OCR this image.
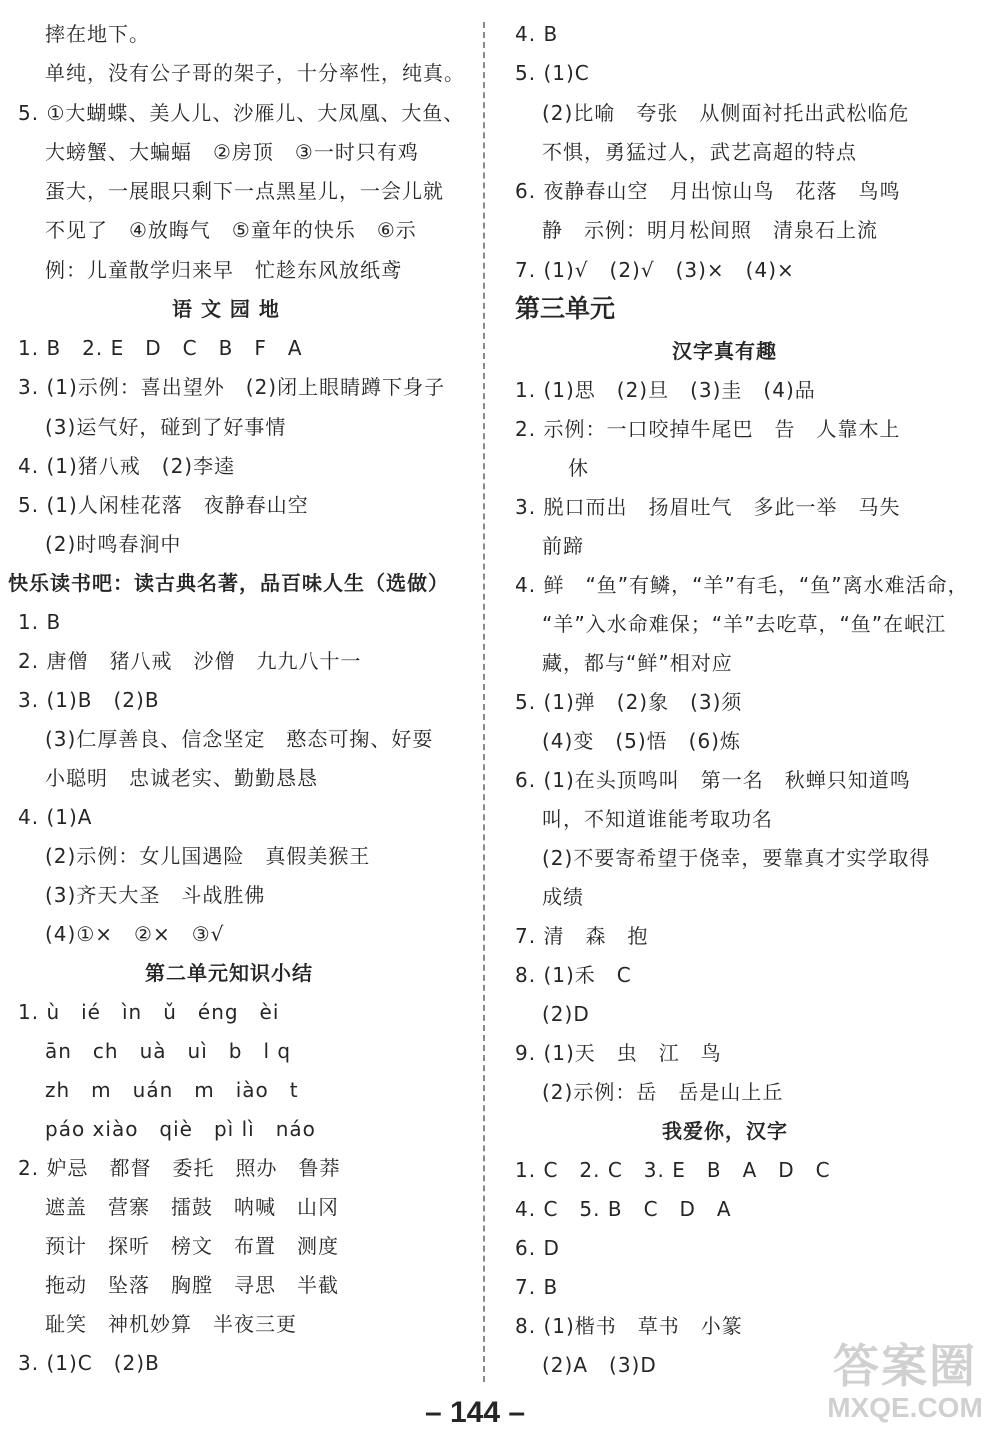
摔在地下。
单纯，没有公子哥的架子，十分率性，纯真。
5. ①大蝴蝶、美人儿、沙雁儿、大凤凰、大鱼、
大螃蟹、大蝙蝠　②房顶　③一时只有鸡
蛋大，一展眼只剩下一点黑星儿，一会儿就
不见了　④放晦气　⑤童年的快乐　⑥示
例：儿童散学归来早　忙趁东风放纸鸢
语 文 园 地
1. B　2. E　D　C　B　F　A
3. (1)示例：喜出望外　(2)闭上眼睛蹲下身子
(3)运气好，碰到了好事情
4. (1)猪八戒　(2)李逵
5. (1)人闲桂花落　夜静春山空
(2)时鸣春涧中
快乐读书吧：读古典名著，品百味人生（选做）
1. B
2. 唐僧　猪八戒　沙僧　九九八十一
3. (1)B　(2)B
(3)仁厚善良、信念坚定　憨态可掬、好耍
小聪明　忠诚老实、勤勤恳恳
4. (1)A
(2)示例：女儿国遇险　真假美猴王
(3)齐天大圣　斗战胜佛
(4)①×　②×　③√
第二单元知识小结
1. ù　ié　ìn　ǔ　éng　èi
ān　ch　uà　uì　b　l q
zh　m　uán　m　iào　t
páo xiào　qiè　pì lì　náo
2. 妒忌　都督　委托　照办　鲁莽
遮盖　营寨　擂鼓　呐喊　山冈
预计　探听　榜文　布置　测度
拖动　坠落　胸膛　寻思　半截
耻笑　神机妙算　半夜三更
3. (1)C　(2)B
4. B
5. (1)C
(2)比喻　夸张　从侧面衬托出武松临危
不惧，勇猛过人，武艺高超的特点
6. 夜静春山空　月出惊山鸟　花落　鸟鸣
静　示例：明月松间照　清泉石上流
7. (1)√　(2)√　(3)×　(4)×
第三单元
汉字真有趣
1. (1)思　(2)旦　(3)圭　(4)品
2. 示例：一口咬掉牛尾巴　告　人靠木上
休
3. 脱口而出　扬眉吐气　多此一举　马失
前蹄
4. 鲜　“鱼”有鳞，“羊”有毛，“鱼”离水难活命，
“羊”入水命难保；“羊”去吃草，“鱼”在岷江
藏，都与“鲜”相对应
5. (1)弹　(2)象　(3)须
(4)变　(5)悟　(6)炼
6. (1)在头顶鸣叫　第一名　秋蝉只知道鸣
叫，不知道谁能考取功名
(2)不要寄希望于侥幸，要靠真才实学取得
成绩
7. 清　森　抱
8. (1)禾　C
(2)D
9. (1)天　虫　江　鸟
(2)示例：岳　岳是山上丘
我爱你，汉字
1. C　2. C　3. E　B　A　D　C
4. C　5. B　C　D　A
6. D
7. B
8. (1)楷书　草书　小篆
(2)A　(3)D
– 144 –
答案圈
MXQE.COM
